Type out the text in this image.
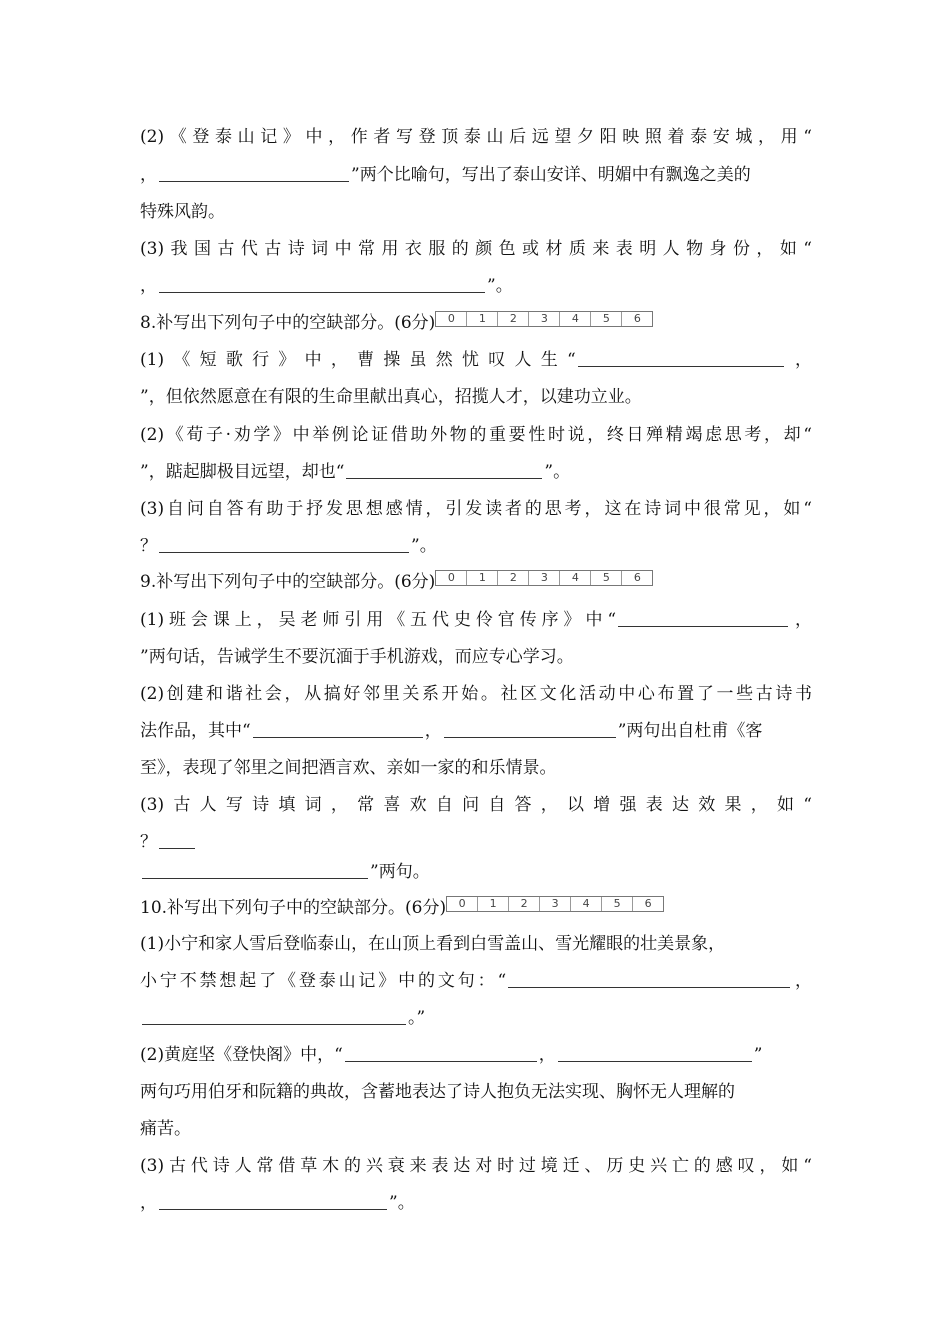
(2)《登泰山记》中，作者写登顶泰山后远望夕阳映照着泰安城，用“
，	”两个比喻句，写出了泰山安详、明媚中有飘逸之美的
特殊风韵。
(3)我国古代古诗词中常用衣服的颜色或材质来表明人物身份，如“
，	”。
8.补写出下列句子中的空缺部分。(6分) 0 1 2 3 4 5 6
(1)《短歌行》中，曹操虽然忧叹人生“	，
”，但依然愿意在有限的生命里献出真心，招揽人才，以建功立业。
(2)《荀子·劝学》中举例论证借助外物的重要性时说，终日殚精竭虑思考，却“
”，踮起脚极目远望，却也“	”。
(3)自问自答有助于抒发思想感情，引发读者的思考，这在诗词中很常见，如“
？	”。
9.补写出下列句子中的空缺部分。(6分) 0 1 2 3 4 5 6
(1)班会课上，吴老师引用《五代史伶官传序》中“	，
”两句话，告诫学生不要沉湎于手机游戏，而应专心学习。
(2)创建和谐社会，从搞好邻里关系开始。社区文化活动中心布置了一些古诗书
法作品，其中“	，	”两句出自杜甫《客
至》，表现了邻里之间把酒言欢、亲如一家的和乐情景。
(3)古人写诗填词，常喜欢自问自答，以增强表达效果，如“
？
”两句。
10.补写出下列句子中的空缺部分。(6分) 0 1 2 3 4 5 6
(1)小宁和家人雪后登临泰山，在山顶上看到白雪盖山、雪光耀眼的壮美景象，
小宁不禁想起了《登泰山记》中的文句：“	，
。”
(2)黄庭坚《登快阁》中，“	，	”
两句巧用伯牙和阮籍的典故，含蓄地表达了诗人抱负无法实现、胸怀无人理解的
痛苦。
(3)古代诗人常借草木的兴衰来表达对时过境迁、历史兴亡的感叹，如“
，	”。
